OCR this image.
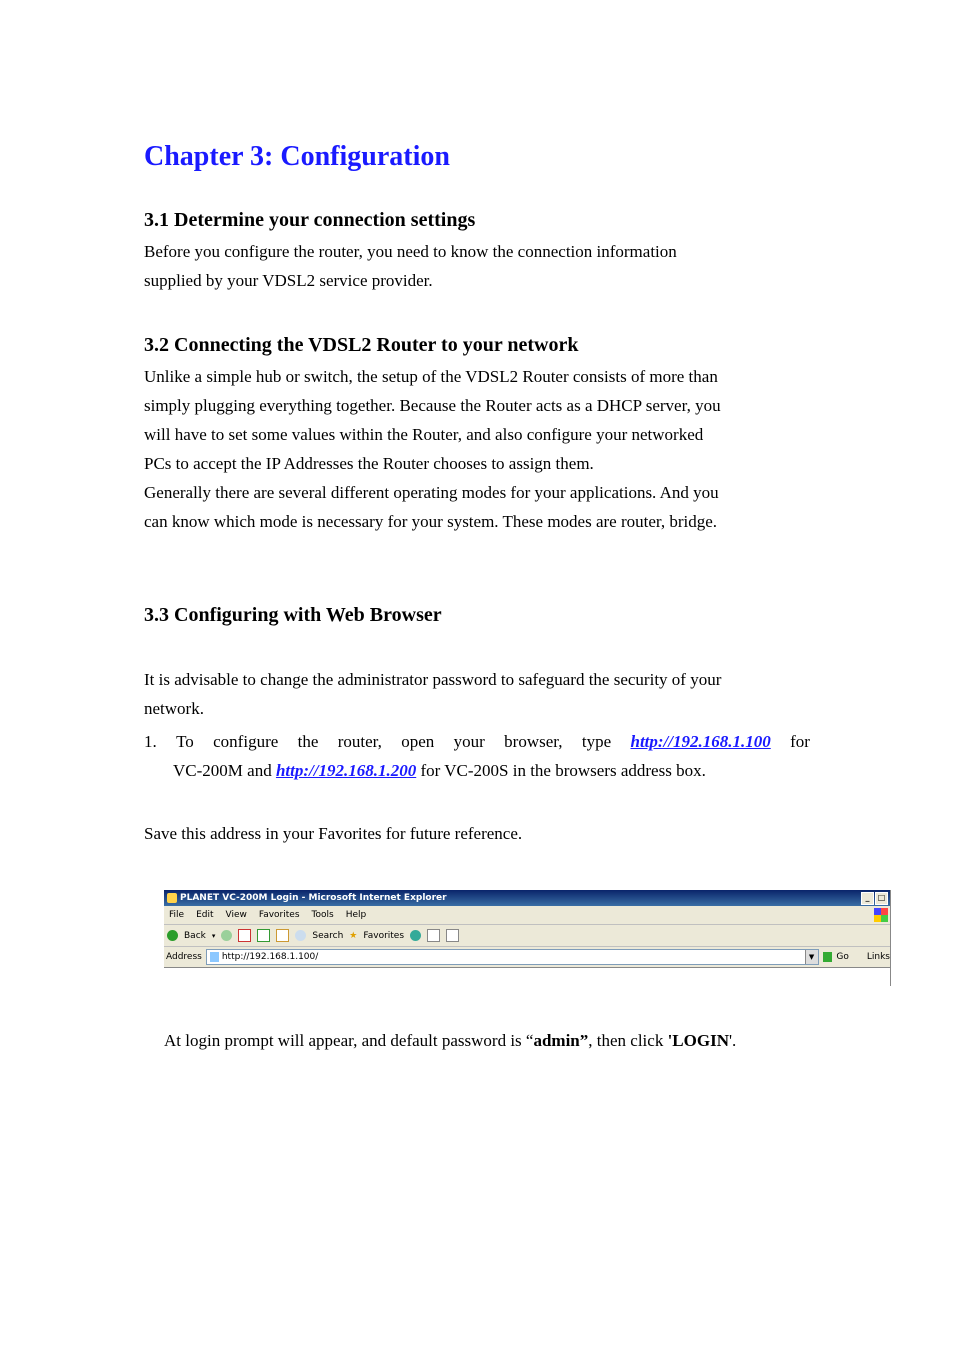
Chapter 3: Configuration
3.1 Determine your connection settings
Before you configure the router, you need to know the connection information
supplied by your VDSL2 service provider.
3.2 Connecting the VDSL2 Router to your network
Unlike a simple hub or switch, the setup of the VDSL2 Router consists of more than
simply plugging everything together. Because the Router acts as a DHCP server, you
will have to set some values within the Router, and also configure your networked
PCs to accept the IP Addresses the Router chooses to assign them.
Generally there are several different operating modes for your applications. And you
can know which mode is necessary for your system. These modes are router, bridge.
3.3 Configuring with Web Browser
It is advisable to change the administrator password to safeguard the security of your
network.
1. To configure the router, open your browser, type http://192.168.1.100 for
VC-200M and http://192.168.1.200 for VC-200S in the browsers address box.
Save this address in your Favorites for future reference.
PLANET VC-200M Login - Microsoft Internet Explorer	_	□
File Edit View Favorites Tools Help
Back ▾	Search ★ Favorites
Address http://192.168.1.100/	▼	Go Links
At login prompt will appear, and default password is “admin”, then click 'LOGIN'.
